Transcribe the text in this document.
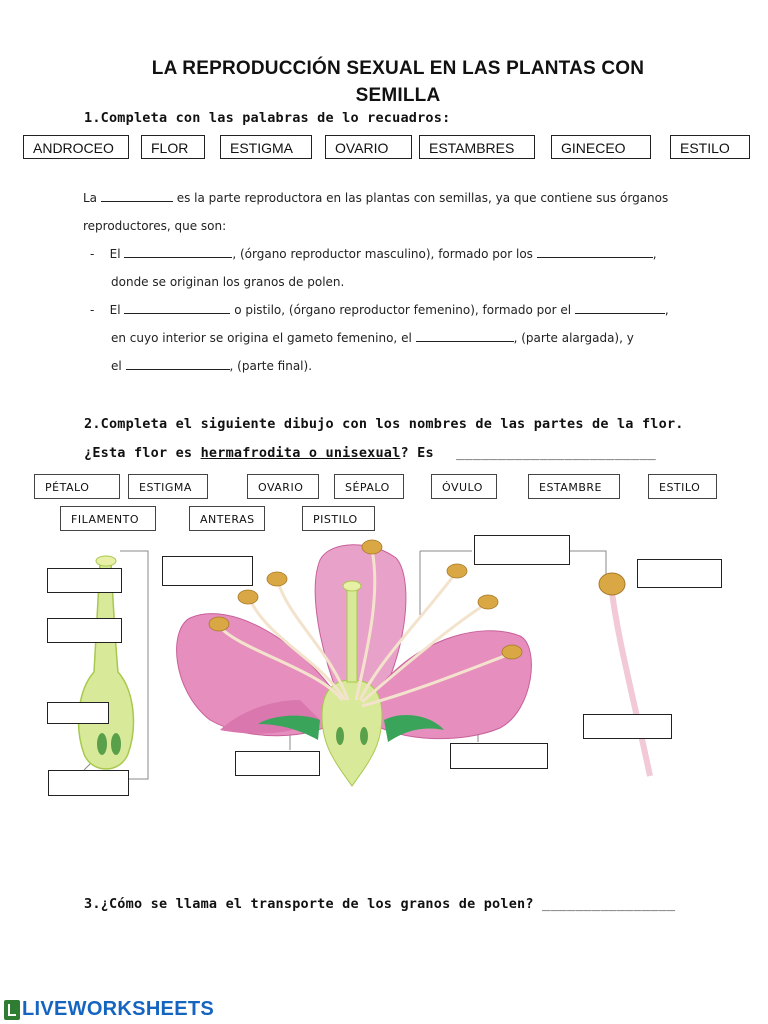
LA REPRODUCCIÓN SEXUAL EN LAS PLANTAS CON
SEMILLA
1.Completa con las palabras de lo recuadros:
ANDROCEO	FLOR	ESTIGMA	OVARIO	ESTAMBRES	GINECEO	ESTILO
La	es la parte reproductora en las plantas con semillas, ya que contiene sus órganos
reproductores, que son:
- El	, (órgano reproductor masculino), formado por los	,
donde se originan los granos de polen.
- El	o pistilo, (órgano reproductor femenino), formado por el	,
en cuyo interior se origina el gameto femenino, el	, (parte alargada), y
el	, (parte final).
2.Completa el siguiente dibujo con los nombres de las partes de la flor.
¿Esta flor es hermafrodita o unisexual? Es ________________________
PÉTALO	ESTIGMA	OVARIO	SÉPALO	ÓVULO	ESTAMBRE	ESTILO
FILAMENTO	ANTERAS	PISTILO
3.¿Cómo se llama el transporte de los granos de polen? ________________
LIVEWORKSHEETS
